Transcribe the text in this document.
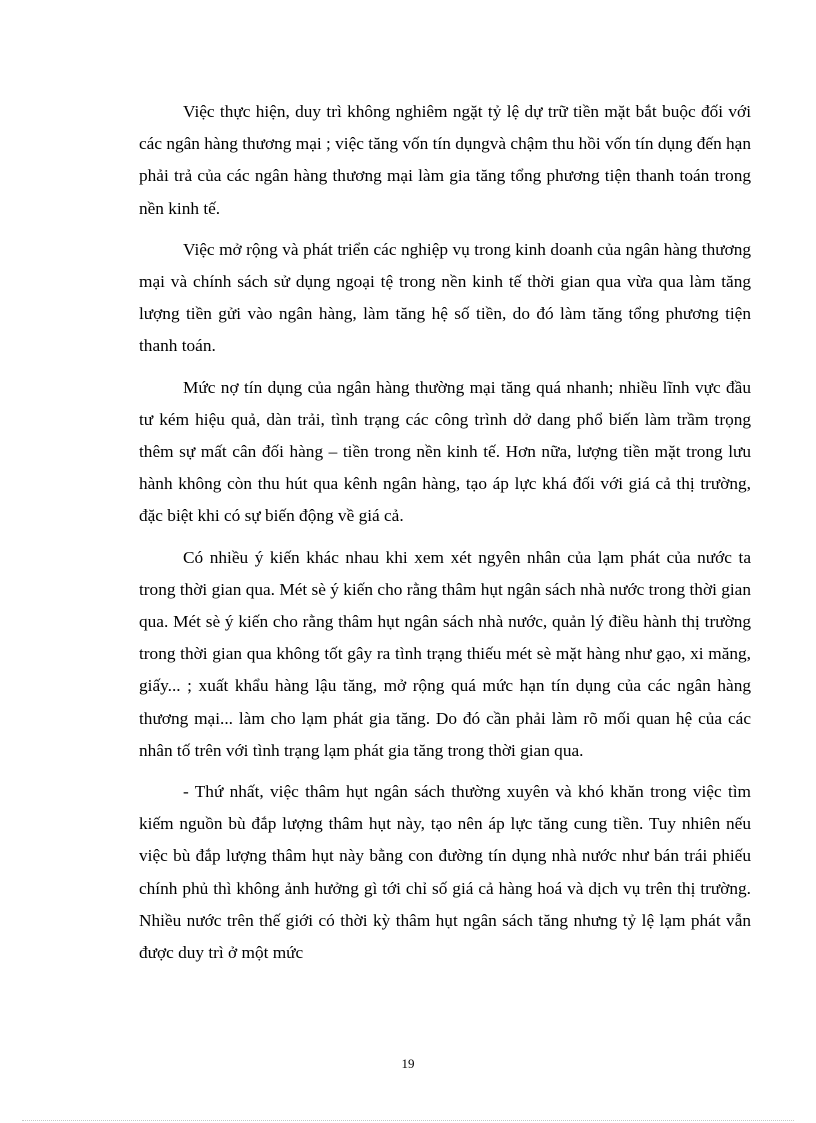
Việc thực hiện, duy trì không nghiêm ngặt tỷ lệ dự trữ tiền mặt bắt buộc đối với các ngân hàng thương mại ; việc tăng vốn tín dụngvà chậm thu hồi vốn tín dụng đến hạn phải trả của các ngân hàng thương mại làm gia tăng tổng phương tiện thanh toán trong nền kinh tế.

Việc mở rộng và phát triển các nghiệp vụ trong kinh doanh của ngân hàng thương mại và chính sách sử dụng ngoại tệ trong nền kinh tế thời gian qua vừa qua làm tăng lượng tiền gửi vào ngân hàng, làm tăng hệ số tiền, do đó làm tăng tổng phương tiện thanh toán.

Mức nợ tín dụng của ngân hàng thường mại tăng quá nhanh; nhiều lĩnh vực đầu tư kém hiệu quả, dàn trải, tình trạng các công trình dở dang phổ biến làm trầm trọng thêm sự mất cân đối hàng – tiền trong nền kinh tế. Hơn nữa, lượng tiền mặt trong lưu hành không còn thu hút qua kênh ngân hàng, tạo áp lực khá đối với giá cả thị trường, đặc biệt khi có sự biến động về giá cả.

Có nhiều ý kiến khác nhau khi xem xét ngyên nhân của lạm phát của nước ta trong thời gian qua. Mét sè ý kiến cho rằng thâm hụt ngân sách nhà nước trong thời gian qua. Mét sè ý kiến cho rằng thâm hụt ngân sách nhà nước, quản lý điều hành thị trường trong thời gian qua không tốt gây ra tình trạng thiếu mét sè mặt hàng như gạo, xi măng, giấy... ; xuất khẩu hàng lậu tăng, mở rộng quá mức hạn tín dụng của các ngân hàng thương mại... làm cho lạm phát gia tăng. Do đó cần phải làm rõ mối quan hệ của các nhân tố trên với tình trạng lạm phát gia tăng trong thời gian qua.

- Thứ nhất, việc thâm hụt ngân sách thường xuyên và khó khăn trong việc tìm kiếm nguồn bù đắp lượng thâm hụt này, tạo nên áp lực tăng cung tiền. Tuy nhiên nếu việc bù đắp lượng thâm hụt này bằng con đường tín dụng nhà nước như bán trái phiếu chính phủ thì không ảnh hưởng gì tới chỉ số giá cả hàng hoá và dịch vụ trên thị trường. Nhiều nước trên thế giới có thời kỳ thâm hụt ngân sách tăng nhưng tỷ lệ lạm phát vẫn được duy trì ở một mức

19
